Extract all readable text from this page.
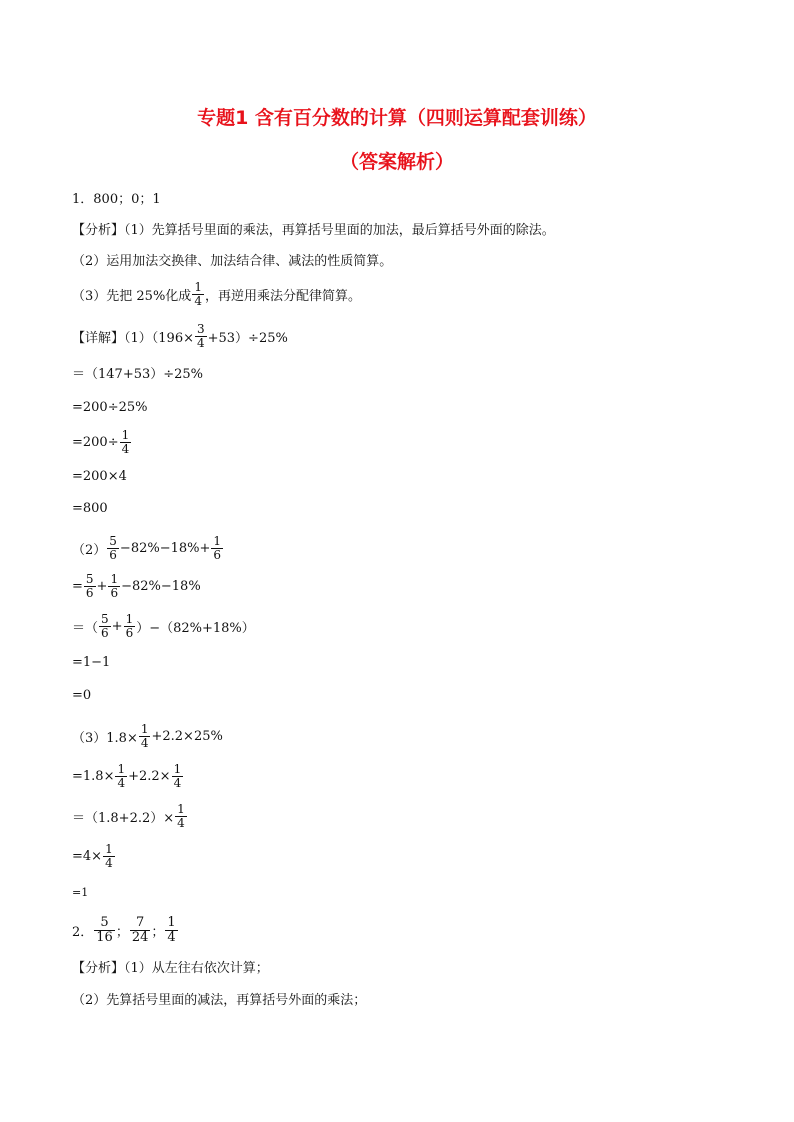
专题1 含有百分数的计算（四则运算配套训练）
（答案解析）
1．800；0；1
【分析】（1）先算括号里面的乘法，再算括号里面的加法，最后算括号外面的除法。
（2）运用加法交换律、加法结合律、减法的性质简算。
（3）先把 25%化成 $\frac{1}{4}$ ，再逆用乘法分配律简算。
【详解】$(1)(196\times \frac{3}{4} +53)\div 25\%$
＝（147+53）÷25%
=200÷25%
$=200\div \frac{1}{4}$
=200×4
=800
$(2) \frac{5}{6} -82\%-18\%+ \frac{1}{6}$
= $\frac{5}{6} + \frac{1}{6} -82\%-18\%$
＝（ $\frac{5}{6} + \frac{1}{6} )-(82\%+18\%)$
=1−1
=0
$(3)1.8\times \frac{1}{4} +2.2\times 25\%$
$=1.8\times \frac{1}{4} +2.2\times \frac{1}{4}$
$=(1.8+2.2)\times \frac{1}{4}$
$=4\times \frac{1}{4}$
=1
2． $\frac{5}{16}$ ； $\frac{7}{24}$ ； $\frac{1}{4}$
【分析】（1）从左往右依次计算；
（2）先算括号里面的减法，再算括号外面的乘法；
